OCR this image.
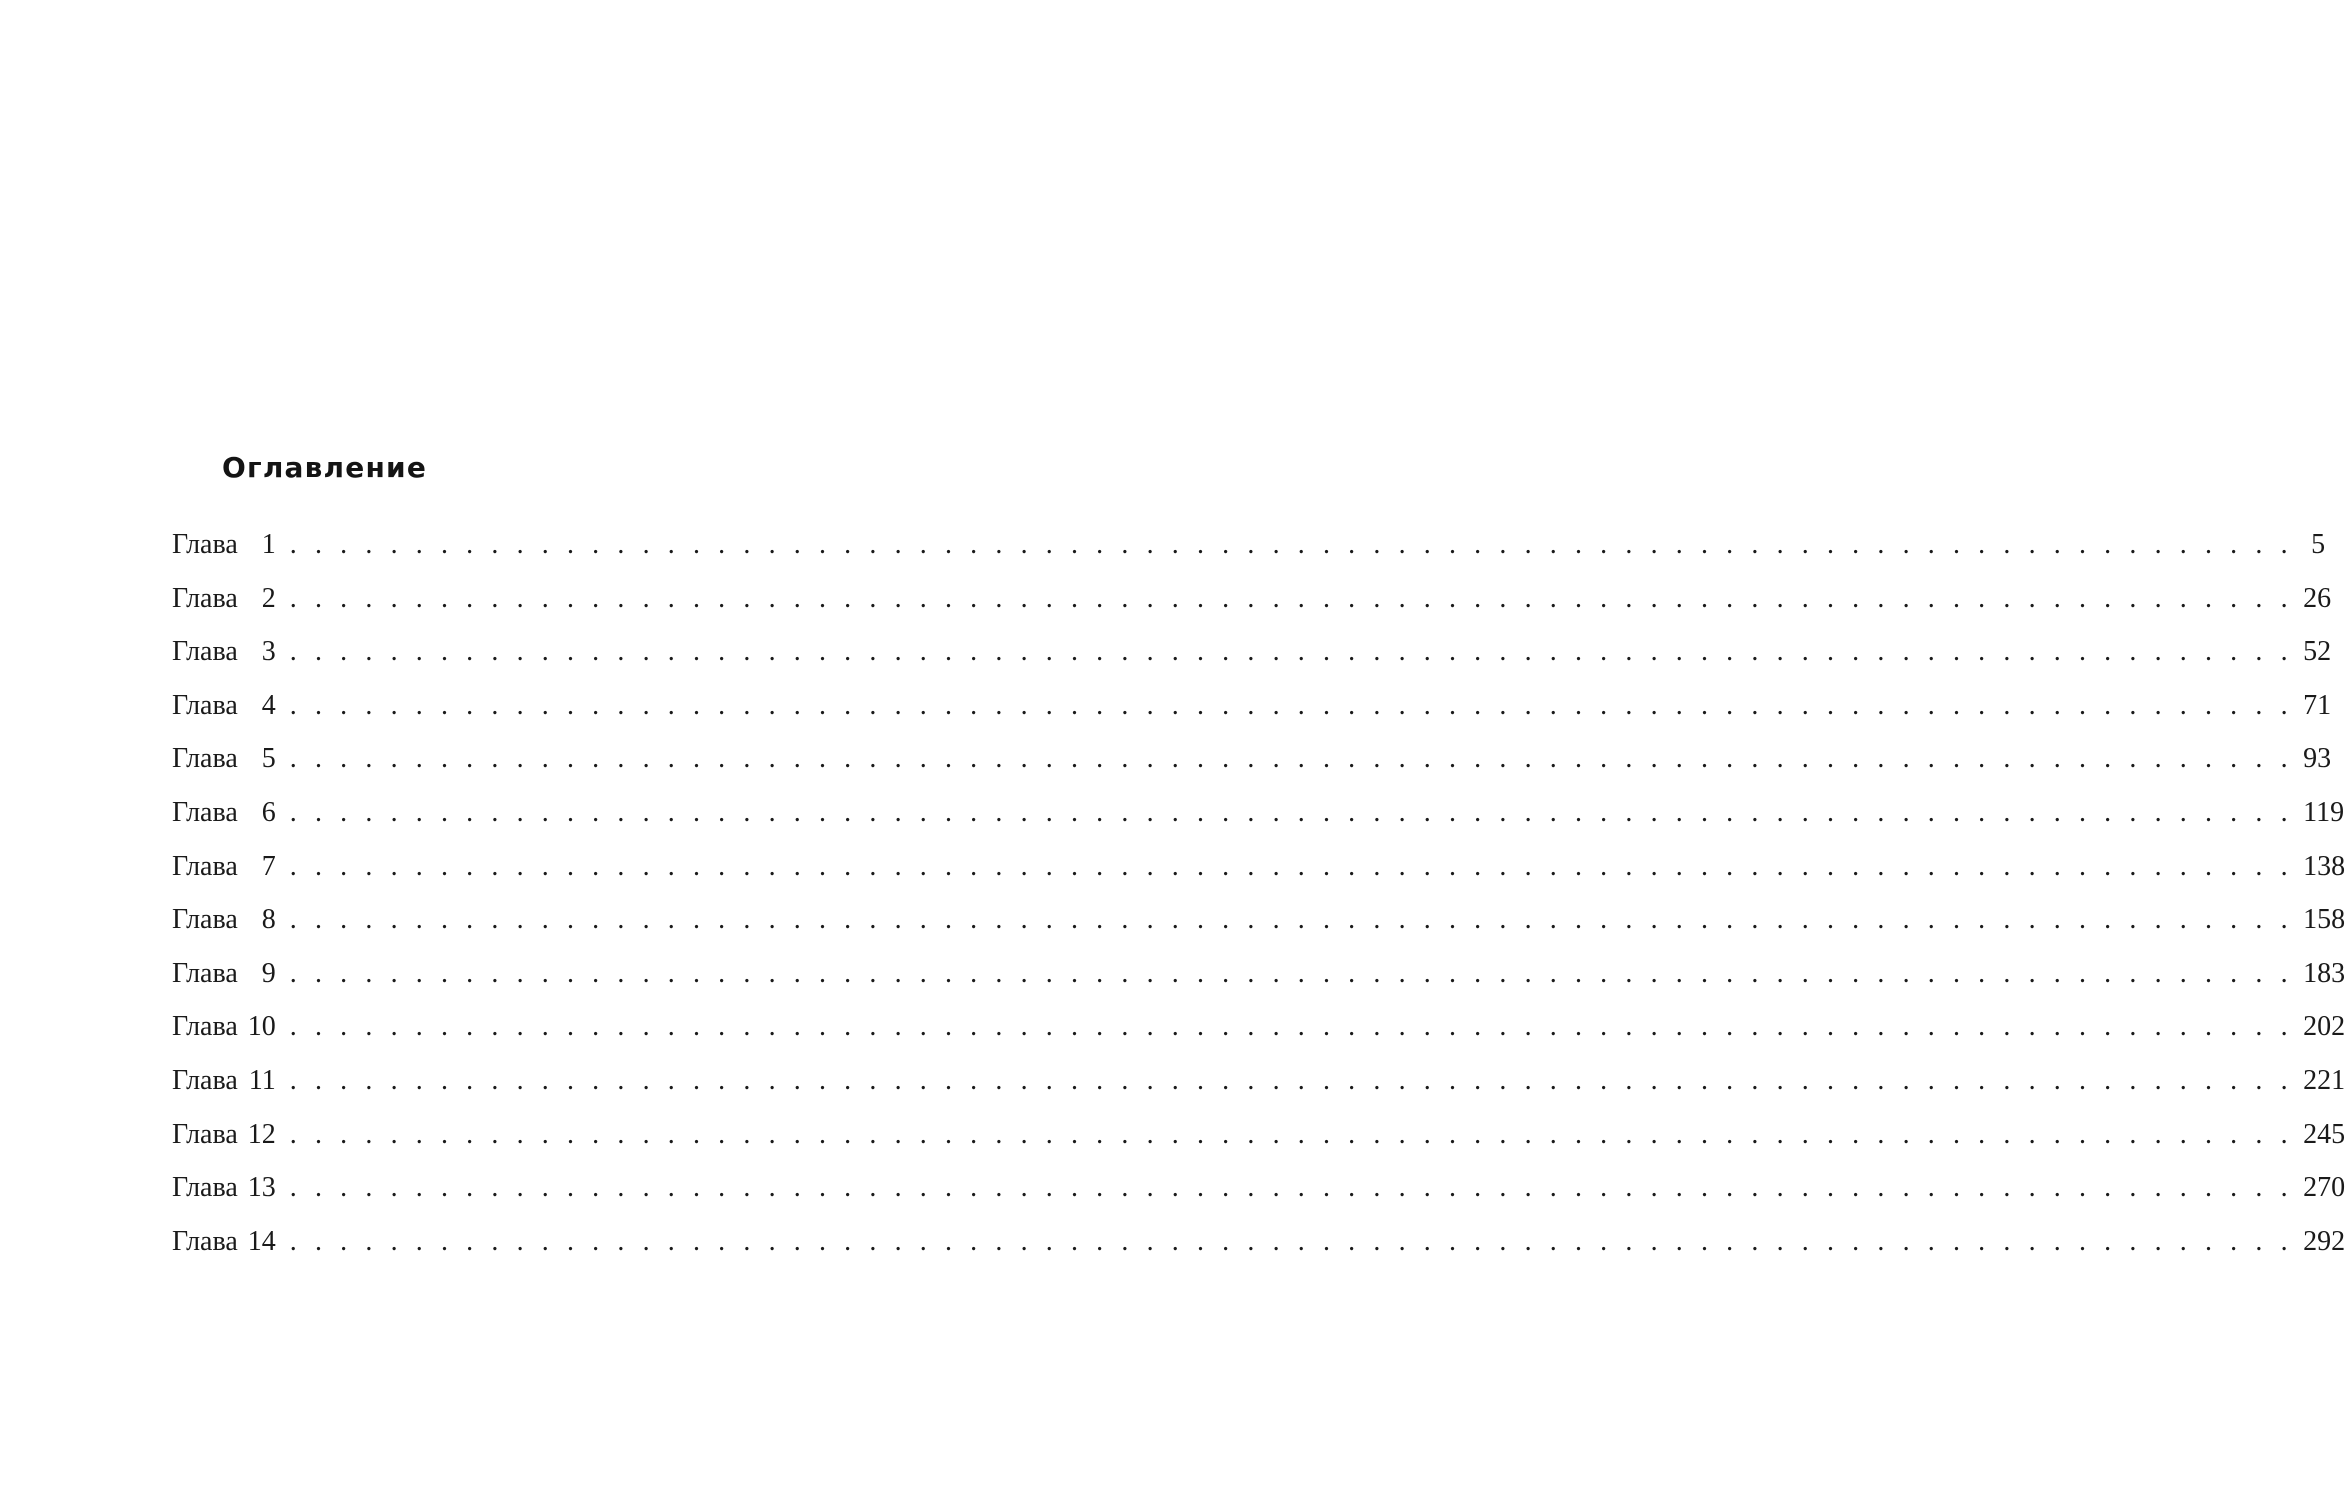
Оглавление
Глава 1 . . . . . . . . . . . . . . . . . . . . . . . . . . . . . . . . . . . . . . . . . . . . . . . . . . . . . . . . . . . . . . . . . . . . . . . . . . . . . . . . 5
Глава 2 . . . . . . . . . . . . . . . . . . . . . . . . . . . . . . . . . . . . . . . . . . . . . . . . . . . . . . . . . . . . . . . . . . . . . . . . . . . . . . . . 26
Глава 3 . . . . . . . . . . . . . . . . . . . . . . . . . . . . . . . . . . . . . . . . . . . . . . . . . . . . . . . . . . . . . . . . . . . . . . . . . . . . . . . . 52
Глава 4 . . . . . . . . . . . . . . . . . . . . . . . . . . . . . . . . . . . . . . . . . . . . . . . . . . . . . . . . . . . . . . . . . . . . . . . . . . . . . . . . 71
Глава 5 . . . . . . . . . . . . . . . . . . . . . . . . . . . . . . . . . . . . . . . . . . . . . . . . . . . . . . . . . . . . . . . . . . . . . . . . . . . . . . . . 93
Глава 6 . . . . . . . . . . . . . . . . . . . . . . . . . . . . . . . . . . . . . . . . . . . . . . . . . . . . . . . . . . . . . . . . . . . . . . . . . . . . . . . . 119
Глава 7 . . . . . . . . . . . . . . . . . . . . . . . . . . . . . . . . . . . . . . . . . . . . . . . . . . . . . . . . . . . . . . . . . . . . . . . . . . . . . . . . 138
Глава 8 . . . . . . . . . . . . . . . . . . . . . . . . . . . . . . . . . . . . . . . . . . . . . . . . . . . . . . . . . . . . . . . . . . . . . . . . . . . . . . . . 158
Глава 9 . . . . . . . . . . . . . . . . . . . . . . . . . . . . . . . . . . . . . . . . . . . . . . . . . . . . . . . . . . . . . . . . . . . . . . . . . . . . . . . . 183
Глава 10 . . . . . . . . . . . . . . . . . . . . . . . . . . . . . . . . . . . . . . . . . . . . . . . . . . . . . . . . . . . . . . . . . . . . . . . . . . . . . . . . 202
Глава 11 . . . . . . . . . . . . . . . . . . . . . . . . . . . . . . . . . . . . . . . . . . . . . . . . . . . . . . . . . . . . . . . . . . . . . . . . . . . . . . . . 221
Глава 12 . . . . . . . . . . . . . . . . . . . . . . . . . . . . . . . . . . . . . . . . . . . . . . . . . . . . . . . . . . . . . . . . . . . . . . . . . . . . . . . . 245
Глава 13 . . . . . . . . . . . . . . . . . . . . . . . . . . . . . . . . . . . . . . . . . . . . . . . . . . . . . . . . . . . . . . . . . . . . . . . . . . . . . . . . 270
Глава 14 . . . . . . . . . . . . . . . . . . . . . . . . . . . . . . . . . . . . . . . . . . . . . . . . . . . . . . . . . . . . . . . . . . . . . . . . . . . . . . . . 292
